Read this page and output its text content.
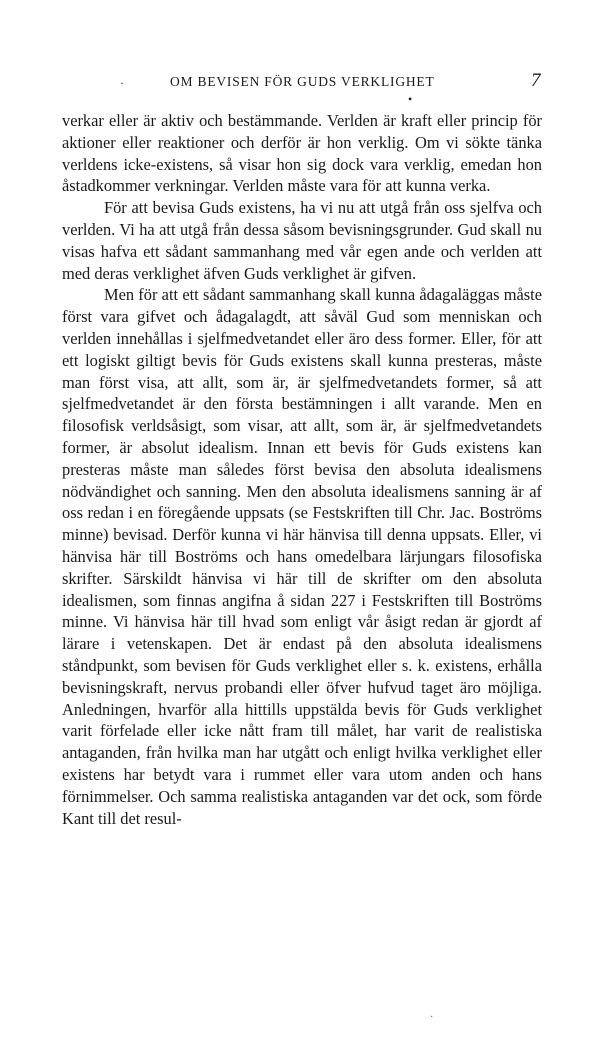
·	OM BEVISEN FÖR GUDS VERKLIGHET	7
•

verkar eller är aktiv och bestämmande. Verlden är kraft eller princip för aktioner eller reaktioner och derför är hon verklig. Om vi sökte tänka verldens icke-existens, så visar hon sig dock vara verklig, emedan hon åstadkommer verkningar. Verlden måste vara för att kunna verka.

För att bevisa Guds existens, ha vi nu att utgå från oss sjelfva och verlden. Vi ha att utgå från dessa såsom bevisningsgrunder. Gud skall nu visas hafva ett sådant sammanhang med vår egen ande och verlden att med deras verklighet äfven Guds verklighet är gifven.

Men för att ett sådant sammanhang skall kunna ådagaläggas måste först vara gifvet och ådagalagdt, att såväl Gud som menniskan och verlden innehållas i sjelfmedvetandet eller äro dess former. Eller, för att ett logiskt giltigt bevis för Guds existens skall kunna presteras, måste man först visa, att allt, som är, är sjelfmedvetandets former, så att sjelfmedvetandet är den första bestämningen i allt varande. Men en filosofisk verldsåsigt, som visar, att allt, som är, är sjelfmedvetandets former, är absolut idealism. Innan ett bevis för Guds existens kan presteras måste man således först bevisa den absoluta idealismens nödvändighet och sanning. Men den absoluta idealismens sanning är af oss redan i en föregående uppsats (se Festskriften till Chr. Jac. Boströms minne) bevisad. Derför kunna vi här hänvisa till denna uppsats. Eller, vi hänvisa här till Boströms och hans omedelbara lärjungars filosofiska skrifter. Särskildt hänvisa vi här till de skrifter om den absoluta idealismen, som finnas angifna å sidan 227 i Festskriften till Boströms minne. Vi hänvisa här till hvad som enligt vår åsigt redan är gjordt af lärare i vetenskapen. Det är endast på den absoluta idealismens ståndpunkt, som bevisen för Guds verklighet eller s. k. existens, erhålla bevisningskraft, nervus probandi eller öfver hufvud taget äro möjliga. Anledningen, hvarför alla hittills uppstälda bevis för Guds verklighet varit förfelade eller icke nått fram till målet, har varit de realistiska antaganden, från hvilka man har utgått och enligt hvilka verklighet eller existens har betydt vara i rummet eller vara utom anden och hans förnimmelser. Och samma realistiska antaganden var det ock, som förde Kant till det resul-

·
